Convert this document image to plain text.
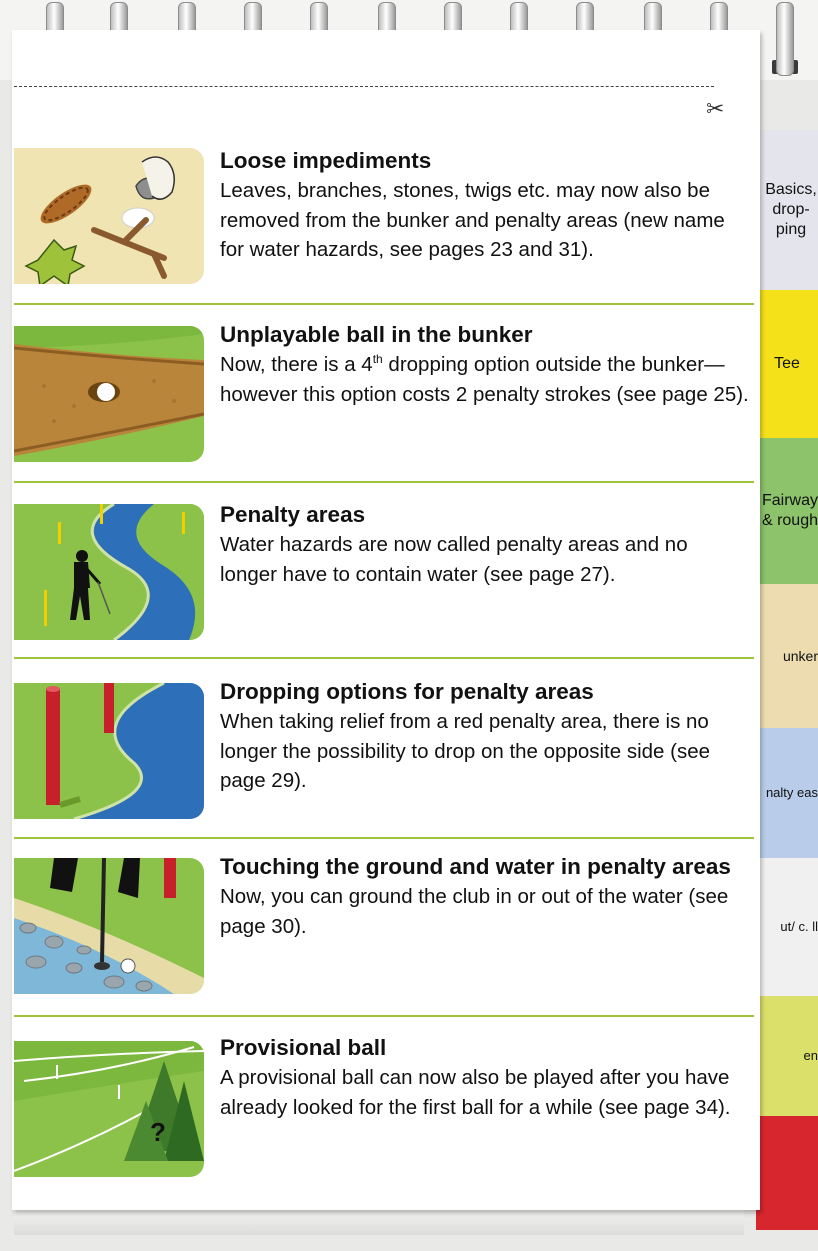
Basics, drop-ping
Tee
Fairway & rough
unker
nalty eas
ut/ c. ll
en
✂
Loose impediments

Leaves, branches, stones, twigs etc. may now also be removed from the bunker and penalty areas (new name for water hazards, see pages 23 and 31).

Unplayable ball in the bunker

Now, there is a 4th dropping option outside the bunker—however this option costs 2 penalty strokes (see page 25).

Penalty areas

Water hazards are now called penalty areas and no longer have to contain water (see page 27).

Dropping options for penalty areas

When taking relief from a red penalty area, there is no longer the possibility to drop on the opposite side (see page 29).

Touching the ground and water in penalty areas

Now, you can ground the club in or out of the water (see page 30).

?
Provisional ball

A provisional ball can now also be played after you have already looked for the first ball for a while (see page 34).
